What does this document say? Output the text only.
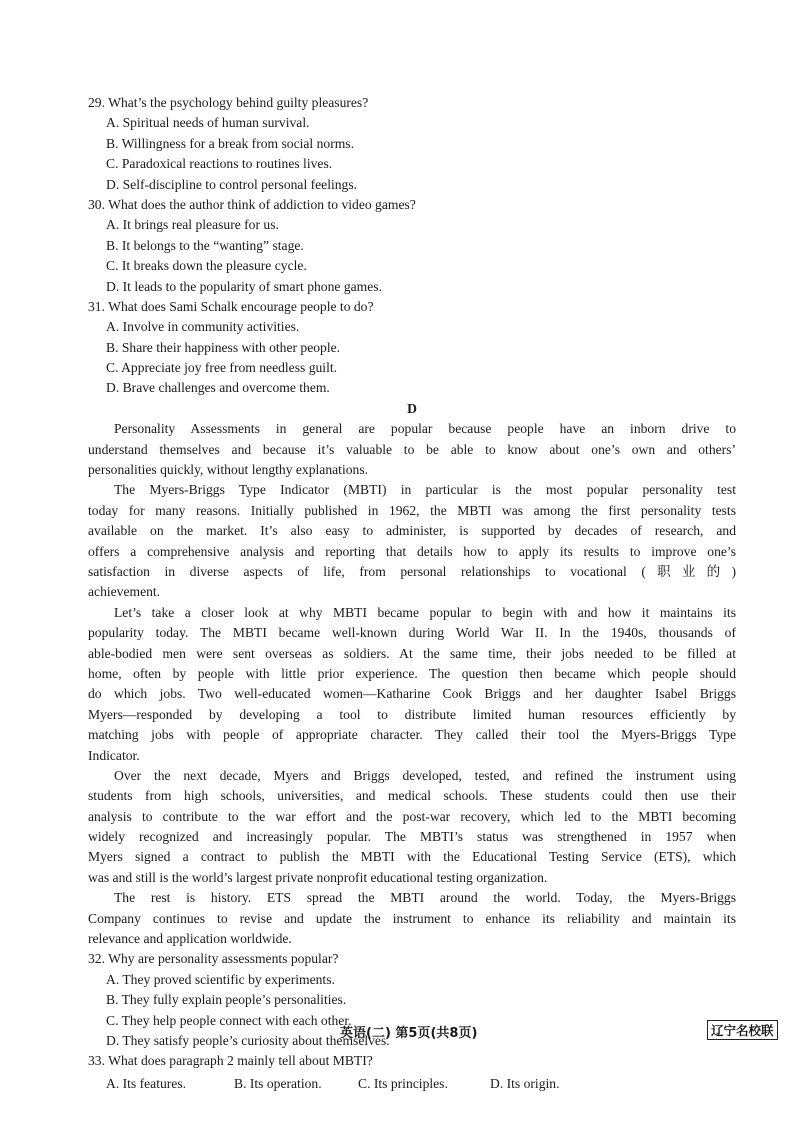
29. What’s the psychology behind guilty pleasures?
A. Spiritual needs of human survival.
B. Willingness for a break from social norms.
C. Paradoxical reactions to routines lives.
D. Self-discipline to control personal feelings.
30. What does the author think of addiction to video games?
A. It brings real pleasure for us.
B. It belongs to the “wanting” stage.
C. It breaks down the pleasure cycle.
D. It leads to the popularity of smart phone games.
31. What does Sami Schalk encourage people to do?
A. Involve in community activities.
B. Share their happiness with other people.
C. Appreciate joy free from needless guilt.
D. Brave challenges and overcome them.
D
Personality Assessments in general are popular because people have an inborn drive to
understand themselves and because it’s valuable to be able to know about one’s own and others’
personalities quickly, without lengthy explanations.
The Myers-Briggs Type Indicator (MBTI) in particular is the most popular personality test
today for many reasons. Initially published in 1962, the MBTI was among the first personality tests
available on the market. It’s also easy to administer, is supported by decades of research, and
offers a comprehensive analysis and reporting that details how to apply its results to improve one’s
satisfaction in diverse aspects of life, from personal relationships to vocational (职业的)
achievement.
Let’s take a closer look at why MBTI became popular to begin with and how it maintains its
popularity today. The MBTI became well-known during World War II. In the 1940s, thousands of
able-bodied men were sent overseas as soldiers. At the same time, their jobs needed to be filled at
home, often by people with little prior experience. The question then became which people should
do which jobs. Two well-educated women—Katharine Cook Briggs and her daughter Isabel Briggs
Myers—responded by developing a tool to distribute limited human resources efficiently by
matching jobs with people of appropriate character. They called their tool the Myers-Briggs Type
Indicator.
Over the next decade, Myers and Briggs developed, tested, and refined the instrument using
students from high schools, universities, and medical schools. These students could then use their
analysis to contribute to the war effort and the post-war recovery, which led to the MBTI becoming
widely recognized and increasingly popular. The MBTI’s status was strengthened in 1957 when
Myers signed a contract to publish the MBTI with the Educational Testing Service (ETS), which
was and still is the world’s largest private nonprofit educational testing organization.
The rest is history. ETS spread the MBTI around the world. Today, the Myers-Briggs
Company continues to revise and update the instrument to enhance its reliability and maintain its
relevance and application worldwide.
32. Why are personality assessments popular?
A. They proved scientific by experiments.
B. They fully explain people’s personalities.
C. They help people connect with each other.
D. They satisfy people’s curiosity about themselves.
33. What does paragraph 2 mainly tell about MBTI?
A. Its features.	B. Its operation.	C. Its principles.	D. Its origin.
英语(二) 第5页(共8页)	辽宁名校联
